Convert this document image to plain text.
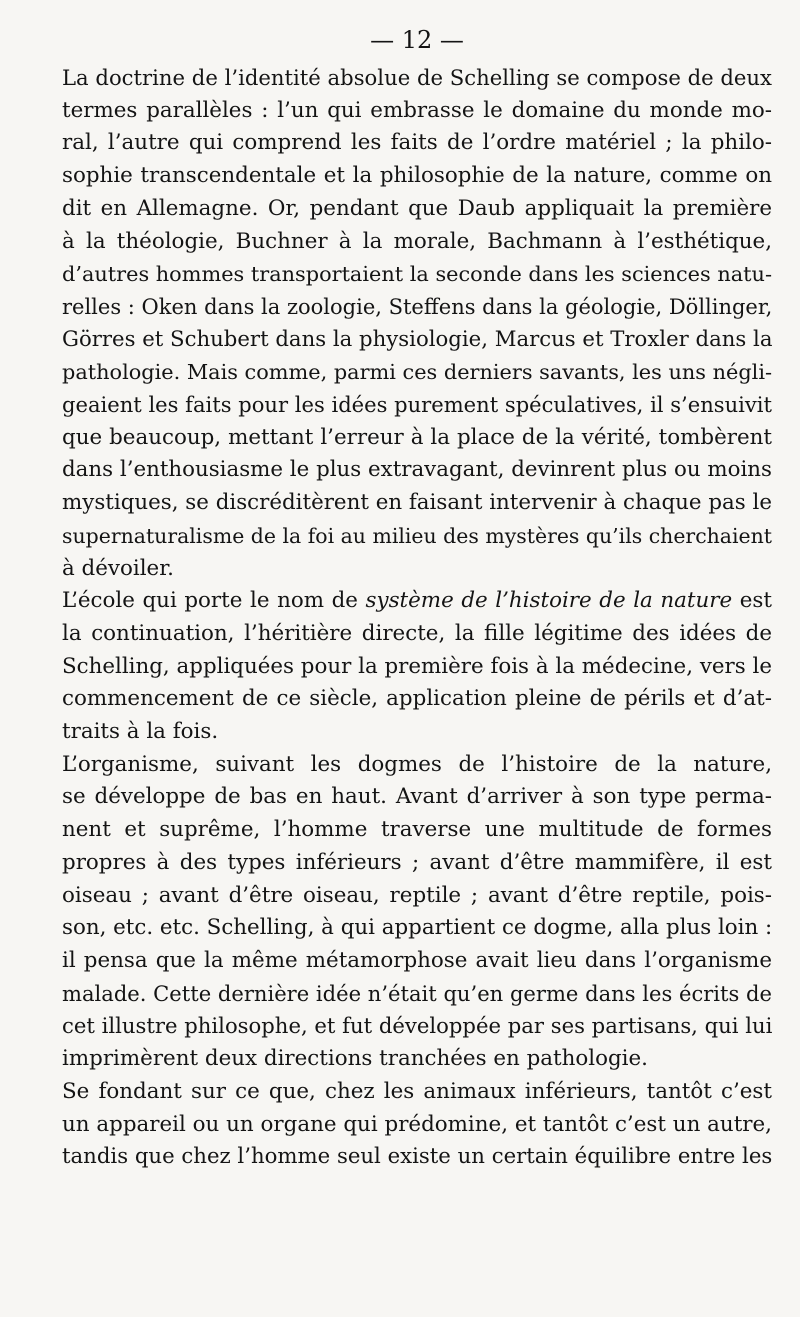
— 12 —

La doctrine de l’identité absolue de Schelling se compose de deux
termes parallèles : l’un qui embrasse le domaine du monde mo-
ral, l’autre qui comprend les faits de l’ordre matériel ; la philo-
sophie transcendentale et la philosophie de la nature, comme on
dit en Allemagne. Or, pendant que Daub appliquait la première
à la théologie, Buchner à la morale, Bachmann à l’esthétique,
d’autres hommes transportaient la seconde dans les sciences natu-
relles : Oken dans la zoologie, Steffens dans la géologie, Döllinger,
Görres et Schubert dans la physiologie, Marcus et Troxler dans la
pathologie. Mais comme, parmi ces derniers savants, les uns négli-
geaient les faits pour les idées purement spéculatives, il s’ensuivit
que beaucoup, mettant l’erreur à la place de la vérité, tombèrent
dans l’enthousiasme le plus extravagant, devinrent plus ou moins
mystiques, se discréditèrent en faisant intervenir à chaque pas le
supernaturalisme de la foi au milieu des mystères qu’ils cherchaient
à dévoiler.

L’école qui porte le nom de système de l’histoire de la nature est
la continuation, l’héritière directe, la fille légitime des idées de
Schelling, appliquées pour la première fois à la médecine, vers le
commencement de ce siècle, application pleine de périls et d’at-
traits à la fois.

L’organisme, suivant les dogmes de l’histoire de la nature,
se développe de bas en haut. Avant d’arriver à son type perma-
nent et suprême, l’homme traverse une multitude de formes
propres à des types inférieurs ; avant d’être mammifère, il est
oiseau ; avant d’être oiseau, reptile ; avant d’être reptile, pois-
son, etc. etc. Schelling, à qui appartient ce dogme, alla plus loin :
il pensa que la même métamorphose avait lieu dans l’organisme
malade. Cette dernière idée n’était qu’en germe dans les écrits de
cet illustre philosophe, et fut développée par ses partisans, qui lui
imprimèrent deux directions tranchées en pathologie.

Se fondant sur ce que, chez les animaux inférieurs, tantôt c’est
un appareil ou un organe qui prédomine, et tantôt c’est un autre,
tandis que chez l’homme seul existe un certain équilibre entre les
